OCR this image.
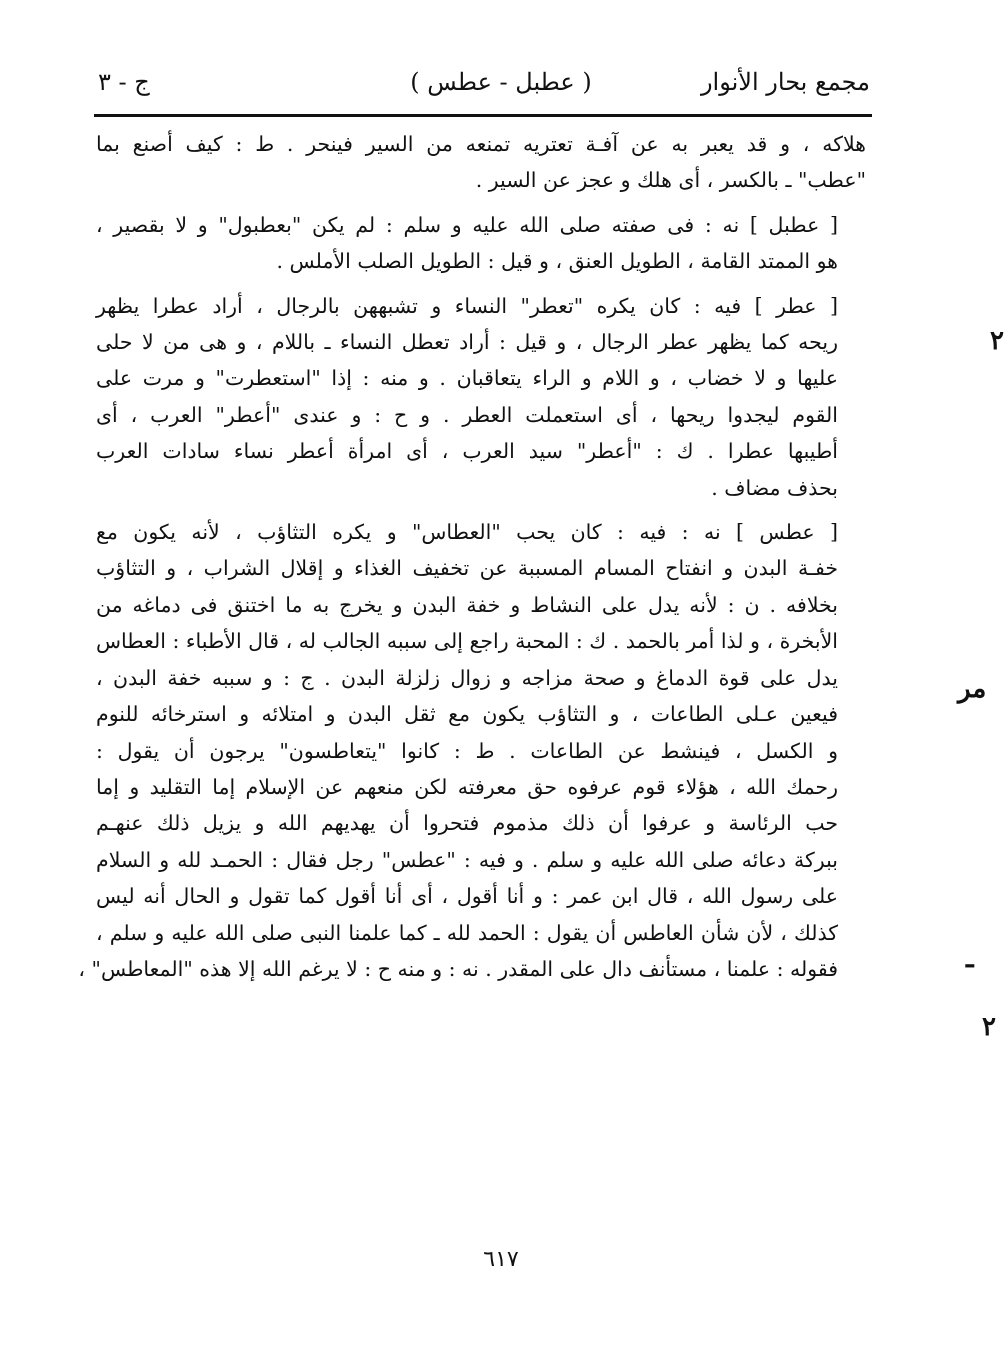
مجمع بحار الأنوار
( عطبل - عطس )
ج - ٣

هلاكه ، و قد يعبر به عن آفـة تعتريه تمنعه من السير فينحر . ط : كيف أصنع بما
"عطب" ـ بالكسر ، أى هلك و عجز عن السير .

[ عطبل ] نه : فى صفته صلى الله عليه و سلم : لم يكن "بعطبول" و لا بقصير ،
هو الممتد القامة ، الطويل العنق ، و قيل : الطويل الصلب الأملس .

[ عطر ] فيه : كان يكره "تعطر" النساء و تشبههن بالرجال ، أراد عطرا يظهر
ريحه كما يظهر عطر الرجال ، و قيل : أراد تعطل النساء ـ باللام ، و هى من لا حلى
عليها و لا خضاب ، و اللام و الراء يتعاقبان . و منه : إذا "استعطرت" و مرت على
القوم ليجدوا ريحها ، أى استعملت العطر . و ح : و عندى "أعطر" العرب ، أى
أطيبها عطرا . ك : "أعطر" سيد العرب ، أى امرأة أعطر نساء سادات العرب
بحذف مضاف .

[ عطس ] نه : فيه : كان يحب "العطاس" و يكره التثاؤب ، لأنه يكون مع
خفـة البدن و انفتاح المسام المسببة عن تخفيف الغذاء و إقلال الشراب ، و التثاؤب
بخلافه . ن : لأنه يدل على النشاط و خفة البدن و يخرج به ما اختنق فى دماغه من
الأبخرة ، و لذا أمر بالحمد . ك : المحبة راجع إلى سببه الجالب له ، قال الأطباء : العطاس
يدل على قوة الدماغ و صحة مزاجه و زوال زلزلة البدن . ج : و سببه خفة البدن ،
فيعين عـلى الطاعات ، و التثاؤب يكون مع ثقل البدن و امتلائه و استرخائه للنوم
و الكسل ، فينشط عن الطاعات . ط : كانوا "يتعاطسون" يرجون أن يقول :
رحمك الله ، هؤلاء قوم عرفوه حق معرفته لكن منعهم عن الإسلام إما التقليد و إما
حب الرئاسة و عرفوا أن ذلك مذموم فتحروا أن يهديهم الله و يزيل ذلك عنهـم
ببركة دعائه صلى الله عليه و سلم . و فيه : "عطس" رجل فقال : الحمـد لله و السلام
على رسول الله ، قال ابن عمر : و أنا أقول ، أى أنا أقول كما تقول و الحال أنه ليس
كذلك ، لأن شأن العاطس أن يقول : الحمد لله ـ كما علمنا النبى صلى الله عليه و سلم ،
فقوله : علمنا ، مستأنف دال على المقدر . نه : و منه ح : لا يرغم الله إلا هذه "المعاطس" ،

٦١٧
٢
مر
ـ
٢
